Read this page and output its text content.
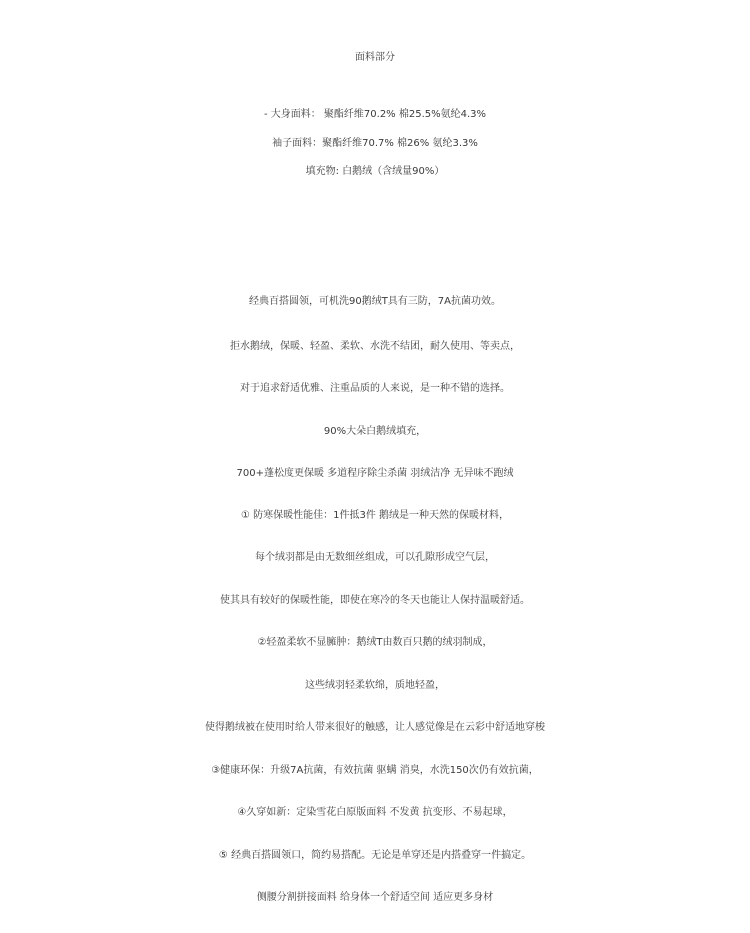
面料部分
- 大身面料： 聚酯纤维70.2% 棉25.5%氨纶4.3%
袖子面料：聚酯纤维70.7% 棉26% 氨纶3.3%
填充物: 白鹅绒（含绒量90%）
经典百搭圆领，可机洗90鹅绒T具有三防，7A抗菌功效。
拒水鹅绒，保暖、轻盈、柔软、水洗不结团，耐久使用、等卖点，
对于追求舒适优雅、注重品质的人来说，是一种不错的选择。
90%大朵白鹅绒填充，
700+蓬松度更保暖 多道程序除尘杀菌 羽绒洁净 无异味不跑绒
① 防寒保暖性能佳：1件抵3件 鹅绒是一种天然的保暖材料，
每个绒羽都是由无数细丝组成，可以孔隙形成空气层，
使其具有较好的保暖性能，即使在寒冷的冬天也能让人保持温暖舒适。
②轻盈柔软不显臃肿：鹅绒T由数百只鹅的绒羽制成，
这些绒羽轻柔软绵，质地轻盈，
使得鹅绒被在使用时给人带来很好的触感，让人感觉像是在云彩中舒适地穿梭
③健康环保：升级7A抗菌，有效抗菌 驱螨 消臭，水洗150次仍有效抗菌，
④久穿如新：定染雪花白原版面料 不发黄 抗变形、不易起球，
⑤ 经典百搭圆领口，简约易搭配。无论是单穿还是内搭叠穿一件搞定。
侧腰分割拼接面料 给身体一个舒适空间 适应更多身材
